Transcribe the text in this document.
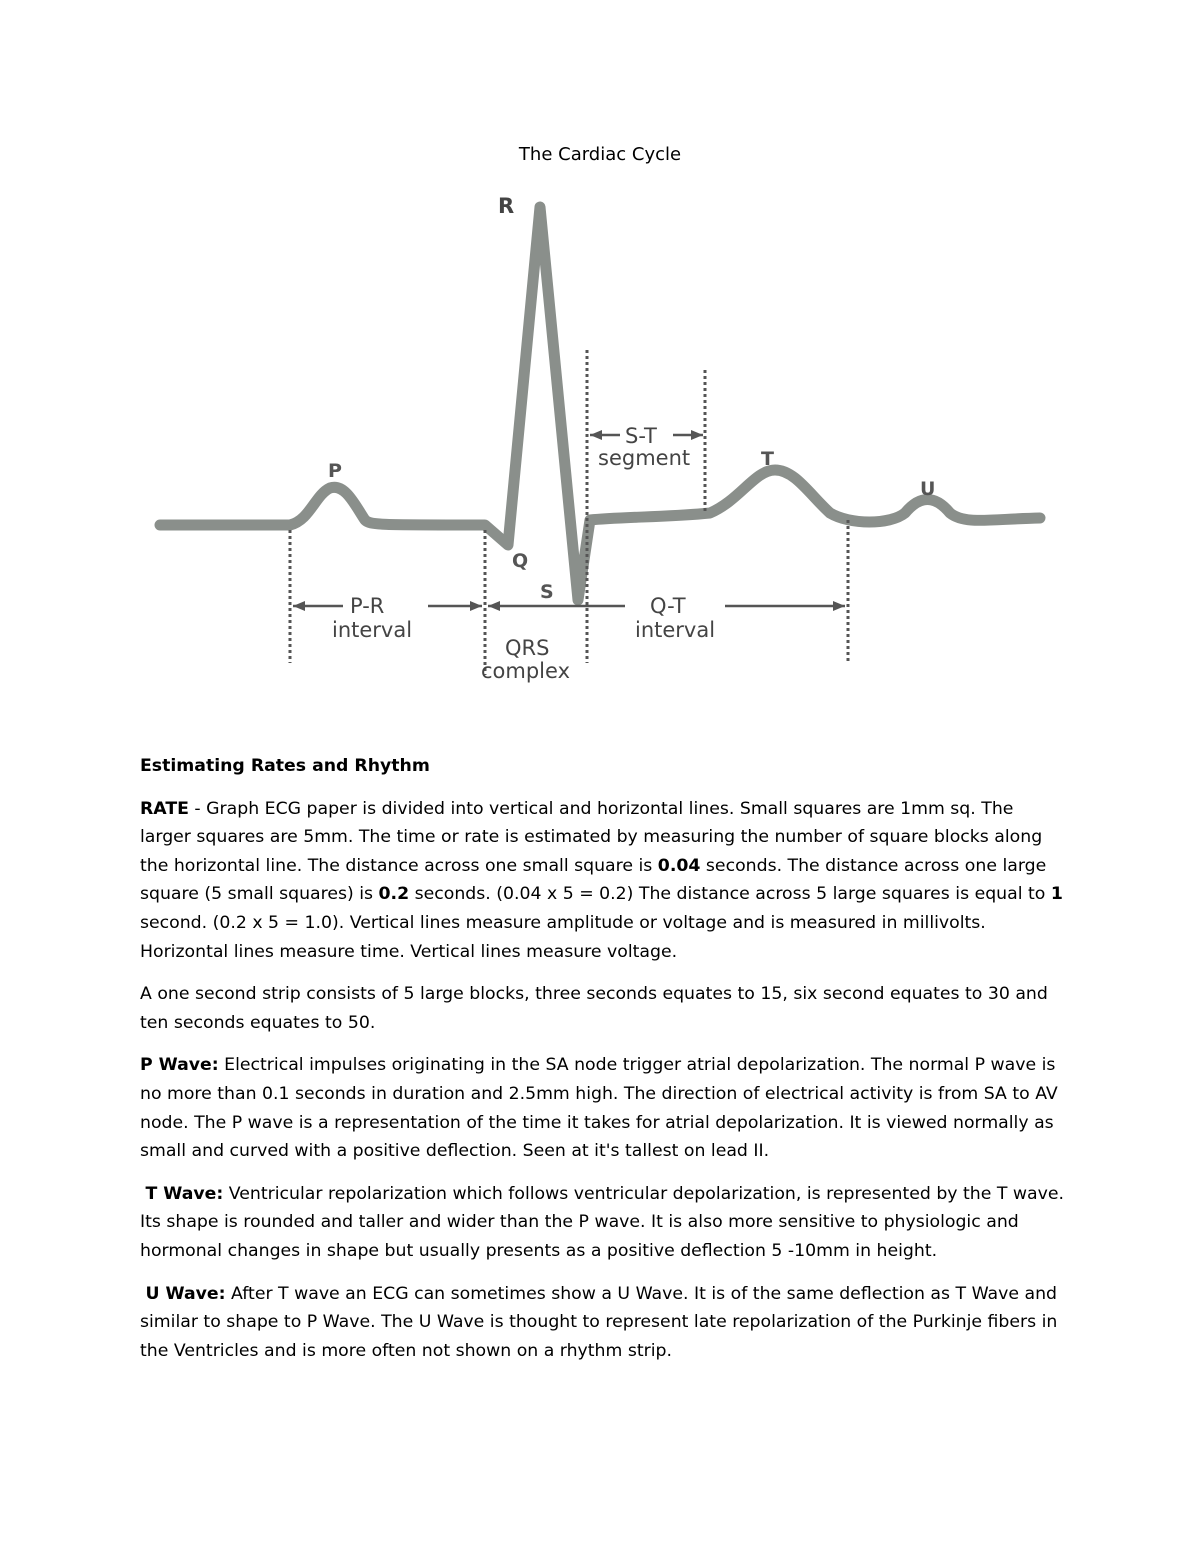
The Cardiac Cycle
R
P
Q
S
T
U
S-T
segment
P-R
interval
QRS
complex
Q-T
interval

Estimating Rates and Rhythm

RATE - Graph ECG paper is divided into vertical and horizontal lines. Small squares are 1mm sq. The larger squares are 5mm. The time or rate is estimated by measuring the number of square blocks along the horizontal line. The distance across one small square is 0.04 seconds. The distance across one large square (5 small squares) is 0.2 seconds. (0.04 x 5 = 0.2) The distance across 5 large squares is equal to 1 second. (0.2 x 5 = 1.0). Vertical lines measure amplitude or voltage and is measured in millivolts. Horizontal lines measure time. Vertical lines measure voltage.

A one second strip consists of 5 large blocks, three seconds equates to 15, six second equates to 30 and ten seconds equates to 50.

P Wave: Electrical impulses originating in the SA node trigger atrial depolarization. The normal P wave is no more than 0.1 seconds in duration and 2.5mm high. The direction of electrical activity is from SA to AV node. The P wave is a representation of the time it takes for atrial depolarization. It is viewed normally as small and curved with a positive deflection. Seen at it's tallest on lead II.

T Wave: Ventricular repolarization which follows ventricular depolarization, is represented by the T wave. Its shape is rounded and taller and wider than the P wave. It is also more sensitive to physiologic and hormonal changes in shape but usually presents as a positive deflection 5 -10mm in height.

U Wave: After T wave an ECG can sometimes show a U Wave. It is of the same deflection as T Wave and similar to shape to P Wave. The U Wave is thought to represent late repolarization of the Purkinje fibers in the Ventricles and is more often not shown on a rhythm strip.
